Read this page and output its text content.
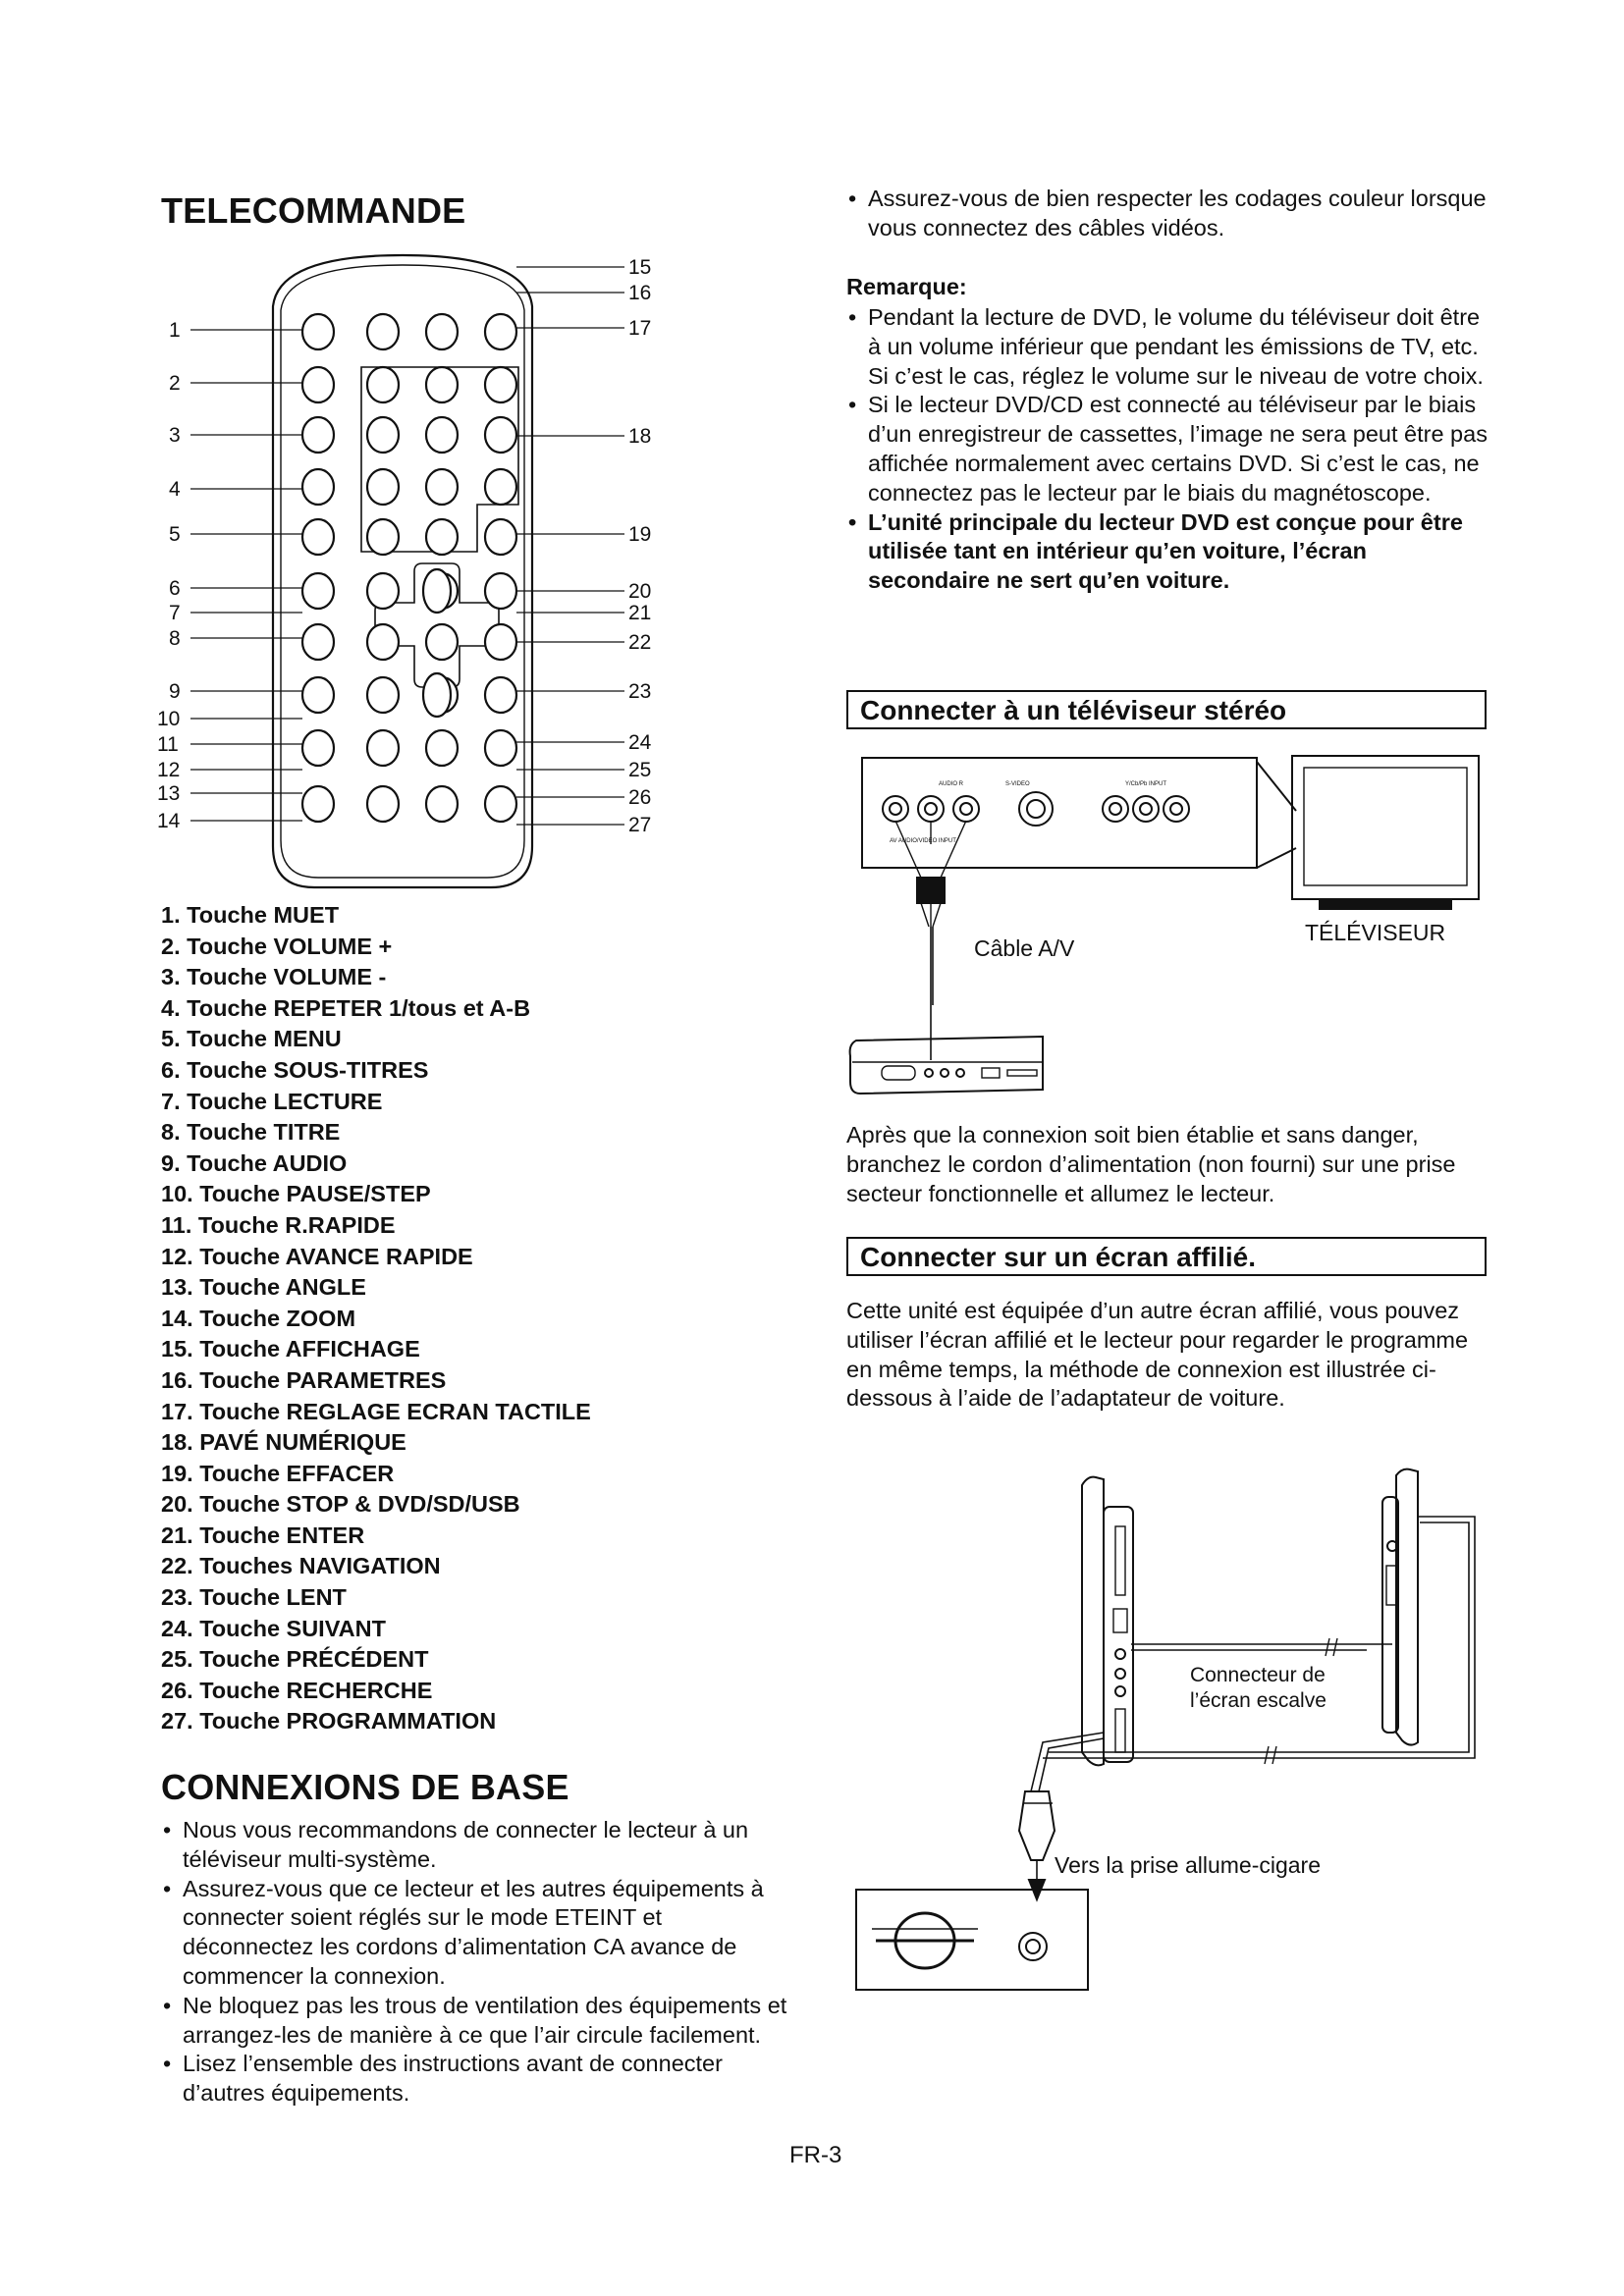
TELECOMMANDE
1
2
3
4
5
6
7
8
9
10
11
12
13
14
15
16
17
18
19
20
21
22
23
24
25
26
27
1. Touche MUET
2. Touche VOLUME +
3. Touche VOLUME -
4. Touche REPETER 1/tous et A-B
5. Touche MENU
6. Touche SOUS-TITRES
7. Touche LECTURE
8. Touche TITRE
9. Touche AUDIO
10. Touche PAUSE/STEP
11. Touche R.RAPIDE
12. Touche AVANCE RAPIDE
13. Touche ANGLE
14. Touche ZOOM
15. Touche AFFICHAGE
16. Touche PARAMETRES
17. Touche REGLAGE ECRAN TACTILE
18. PAVÉ NUMÉRIQUE
19. Touche EFFACER
20. Touche STOP & DVD/SD/USB
21. Touche ENTER
22. Touches NAVIGATION
23. Touche LENT
24. Touche SUIVANT
25. Touche PRÉCÉDENT
26. Touche RECHERCHE
27. Touche PROGRAMMATION
CONNEXIONS DE BASE
• Nous vous recommandons de connecter le lecteur à un téléviseur multi-système.
• Assurez-vous que ce lecteur et les autres équipements à connecter soient réglés sur le mode ETEINT et déconnectez les cordons d’alimentation CA avance de commencer la connexion.
• Ne bloquez pas les trous de ventilation des équipements et arrangez-les de manière à ce que l’air circule facilement.
• Lisez l’ensemble des instructions avant de connecter d’autres équipements.
• Assurez-vous de bien respecter les codages couleur lorsque vous connectez des câbles vidéos.
Remarque:
• Pendant la lecture de DVD, le volume du téléviseur doit être à un volume inférieur que pendant les émissions de TV, etc. Si c’est le cas, réglez le volume sur le niveau de votre choix.
• Si le lecteur DVD/CD est connecté au téléviseur par le biais d’un enregistreur de cassettes, l’image ne sera peut être pas affichée normalement avec certains DVD. Si c’est le cas, ne connectez pas le lecteur par le biais du magnétoscope.
• L’unité principale du lecteur DVD est conçue pour être utilisée tant en intérieur qu’en voiture, l’écran secondaire ne sert qu’en voiture.
Connecter à un téléviseur stéréo
AUDIO R	S-VIDEO	Y/Cb/Pb INPUT
AV AUDIO/VIDEO INPUT
TÉLÉVISEUR
Câble A/V
Après que la connexion soit bien établie et sans danger, branchez le cordon d’alimentation (non fourni) sur une prise secteur fonctionnelle et allumez le lecteur.
Connecter sur un écran affilié.
Cette unité est équipée d’un autre écran affilié, vous pouvez utiliser l’écran affilié et le lecteur pour regarder le programme en même temps, la méthode de connexion est illustrée ci-dessous à l’aide de l’adaptateur de voiture.
Connecteur de
l’écran escalve
Vers la prise allume-cigare
FR-3
